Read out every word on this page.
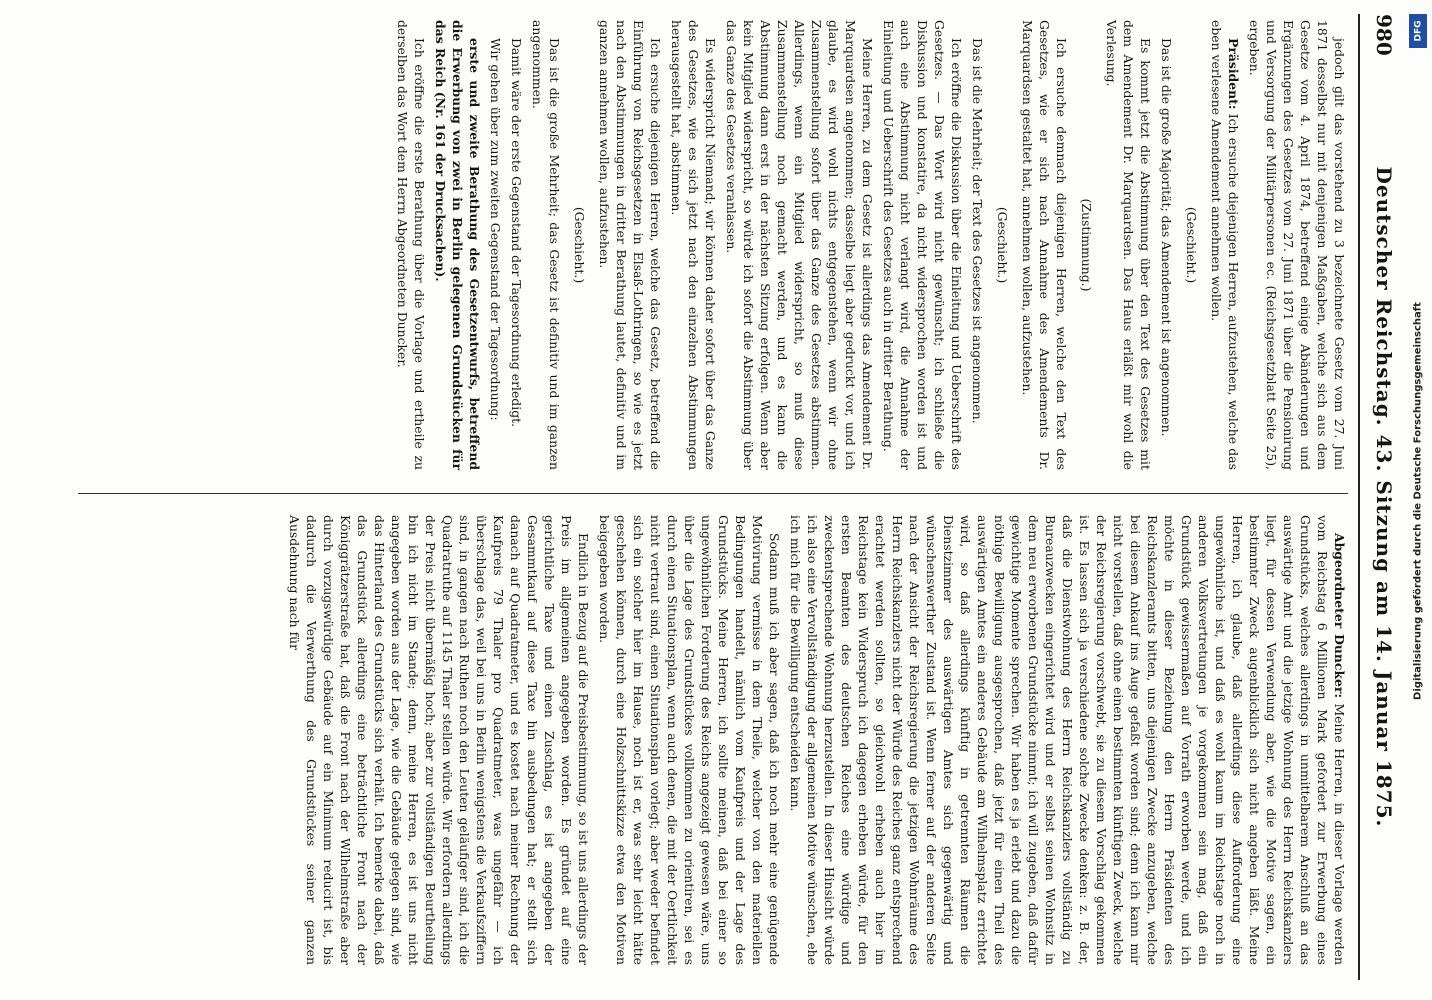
980
Deutscher Reichstag. 43. Sitzung am 14. Januar 1875.

jedoch gilt das vorstehend zu 3 bezeichnete Gesetz vom 27. Juni 1871 desselbst nur mit denjenigen Maßgaben, welche sich aus dem Gesetze vom 4. April 1874, betreffend einige Abänderungen und Ergänzungen des Gesetzes vom 27. Juni 1871 über die Pensionirung und Versorgung der Militärpersonen ec. (Reichsgesetzblatt Seite 25), ergeben.

Präsident: Ich ersuche diejenigen Herren, aufzustehen, welche das eben verlesene Amendement annehmen wollen.

(Geschieht.)

Das ist die große Majorität; das Amendement ist angenommen.

Es kommt jetzt die Abstimmung über den Text des Gesetzes mit dem Amendement Dr. Marquardsen. Das Haus erläßt mir wohl die Verlesung.

(Zustimmung.)

Ich ersuche demnach diejenigen Herren, welche den Text des Gesetzes, wie er sich nach Annahme des Amendements Dr. Marquardsen gestaltet hat, annehmen wollen, aufzustehen.

(Geschieht.)

Das ist die Mehrheit; der Text des Gesetzes ist angenommen.

Ich eröffne die Diskussion über die Einleitung und Ueberschrift des Gesetzes. — Das Wort wird nicht gewünscht; ich schließe die Diskussion und konstatire, da nicht widersprochen worden ist und auch eine Abstimmung nicht verlangt wird, die Annahme der Einleitung und Ueberschrift des Gesetzes auch in dritter Berathung.

Meine Herren, zu dem Gesetz ist allerdings das Amendement Dr. Marquardsen angenommen; dasselbe liegt aber gedruckt vor, und ich glaube, es wird wohl nichts entgegenstehen, wenn wir ohne Zusammenstellung sofort über das Ganze des Gesetzes abstimmen. Allerdings, wenn ein Mitglied widerspricht, so muß diese Zusammenstellung noch gemacht werden, und es kann die Abstimmung dann erst in der nächsten Sitzung erfolgen. Wenn aber kein Mitglied widerspricht, so würde ich sofort die Abstimmung über das Ganze des Gesetzes veranlassen.

Es widerspricht Niemand; wir können daher sofort über das Ganze des Gesetzes, wie es sich jetzt nach den einzelnen Abstimmungen herausgestellt hat, abstimmen.

Ich ersuche diejenigen Herren, welche das Gesetz, betreffend die Einführung von Reichsgesetzen in Elsaß-Lothringen, so wie es jetzt nach den Abstimmungen in dritter Berathung lautet, definitiv und im ganzen annehmen wollen, aufzustehen.

(Geschieht.)

Das ist die große Mehrheit; das Gesetz ist definitiv und im ganzen angenommen.

Damit wäre der erste Gegenstand der Tagesordnung erledigt.

Wir gehen über zum zweiten Gegenstand der Tagesordnung:

erste und zweite Berathung des Gesetzentwurfs, betreffend die Erwerbung von zwei in Berlin gelegenen Grundstücken für das Reich (Nr. 161 der Drucksachen).

Ich eröffne die erste Berathung über die Vorlage und ertheile zu derselben das Wort dem Herrn Abgeordneten Duncker.

Abgeordneter Duncker: Meine Herren, in dieser Vorlage werden vom Reichstag 6 Millionen Mark gefordert zur Erwerbung eines Grundstücks, welches allerdings in unmittelbarem Anschluß an das auswärtige Amt und die jetzige Wohnung des Herrn Reichskanzlers liegt, für dessen Verwendung aber, wie die Motive sagen, ein bestimmter Zweck augenblicklich sich nicht angeben läßt. Meine Herren, ich glaube, daß allerdings diese Aufforderung eine ungewöhnliche ist, und daß es wohl kaum im Reichstage noch in anderen Volksvertretungen je vorgekommen sein mag, daß ein Grundstück gewissermaßen auf Vorrath erworben werde, und ich möchte in dieser Beziehung den Herrn Präsidenten des Reichskanzleramts bitten, uns diejenigen Zwecke anzugeben, welche bei diesem Ankauf ins Auge gefaßt worden sind; denn ich kann mir nicht vorstellen, daß ohne einen bestimmten künftigen Zweck, welche der Reichsregierung vorschwebt, sie zu diesem Vorschlag gekommen ist. Es lassen sich ja verschiedene solche Zwecke denken: z. B. der, daß die Dienstwohnung des Herrn Reichskanzlers vollständig zu Bureauzwecken eingerichtet wird und er selbst seinen Wohnsitz in dem neu erworbenen Grundstücke nimmt; ich will zugeben, daß dafür gewichtige Momente sprechen. Wir haben es ja erlebt und dazu die nöthige Bewilligung ausgesprochen, daß jetzt für einen Theil des auswärtigen Amtes ein anderes Gebäude am Wilhelmsplatz errichtet wird, so daß allerdings künftig in getrennten Räumen die Dienstzimmer des auswärtigen Amtes sich gegenwärtig und wünschenswerther Zustand ist. Wenn ferner auf der anderen Seite nach der Ansicht der Reichsregierung die jetzigen Wohnräume des Herrn Reichskanzlers nicht der Würde des Reiches ganz entsprechend erachtet werden sollten, so gleichwohl erheben auch hier im Reichstage kein Widerspruch ich dagegen erheben würde, für den ersten Beamten des deutschen Reiches eine würdige und zweckentsprechende Wohnung herzustellen. In dieser Hinsicht würde ich also eine Vervollständigung der allgemeinen Motive wünschen, ehe ich mich für die Bewilligung entscheiden kann.

Sodann muß ich aber sagen, daß ich noch mehr eine genügende Motivirung vermisse in dem Theile, welcher von den materiellen Bedingungen handelt, nämlich vom Kaufpreis und der Lage des Grundstücks. Meine Herren, ich sollte meinen, daß bei einer so ungewöhnlichen Forderung des Reichs angezeigt gewesen wäre, uns über die Lage des Grundstückes vollkommen zu orientiren, sei es durch einen Situationsplan, wenn auch denen, die mit der Oertlichkeit nicht vertraut sind, einen Situationsplan vorlegt; aber weder befindet sich ein solcher hier im Hause, noch ist er, was sehr leicht hätte geschehen können, durch eine Holzschnittskizze etwa den Motiven beigegeben worden.

Endlich in Bezug auf die Preisbestimmung, so ist uns allerdings der Preis im allgemeinen angegeben worden. Es gründet auf eine gerichtliche Taxe und einen Zuschlag, es ist angegeben der Gesammtkauf auf diese Taxe hin ausbedungen hat; er stellt sich danach auf Quadratmeter, und es kostet nach meiner Rechnung der Kaufpreis 79 Thaler pro Quadratmeter, was ungefähr — ich überschlage das, weil bei uns in Berlin wenigstens die Verkaufsziffern sind, in gangen nach Ruthen noch den Leuten geläufiger sind, ich die Quadratruthe auf 1145 Thaler stellen würde. Wir erfordern allerdings der Preis nicht übermäßig hoch; aber zur vollständigen Beurtheilung bin ich nicht im Stande; denn, meine Herren, es ist uns nicht angegeben worden aus der Lage, wie die Gebäude gelegen sind, wie das Hinterland des Grundstücks sich verhält. Ich bemerke dabei, daß das Grundstück allerdings eine beträchtliche Front nach der Königgrätzerstraße hat, daß die Front nach der Wilhelmstraße aber durch vorzugswürdige Gebäude auf ein Minimum reducirt ist, bis dadurch die Verwerthung des Grundstückes seiner ganzen Ausdehnung nach für

DFG
Digitalisierung gefördert durch die Deutsche Forschungsgemeinschaft
